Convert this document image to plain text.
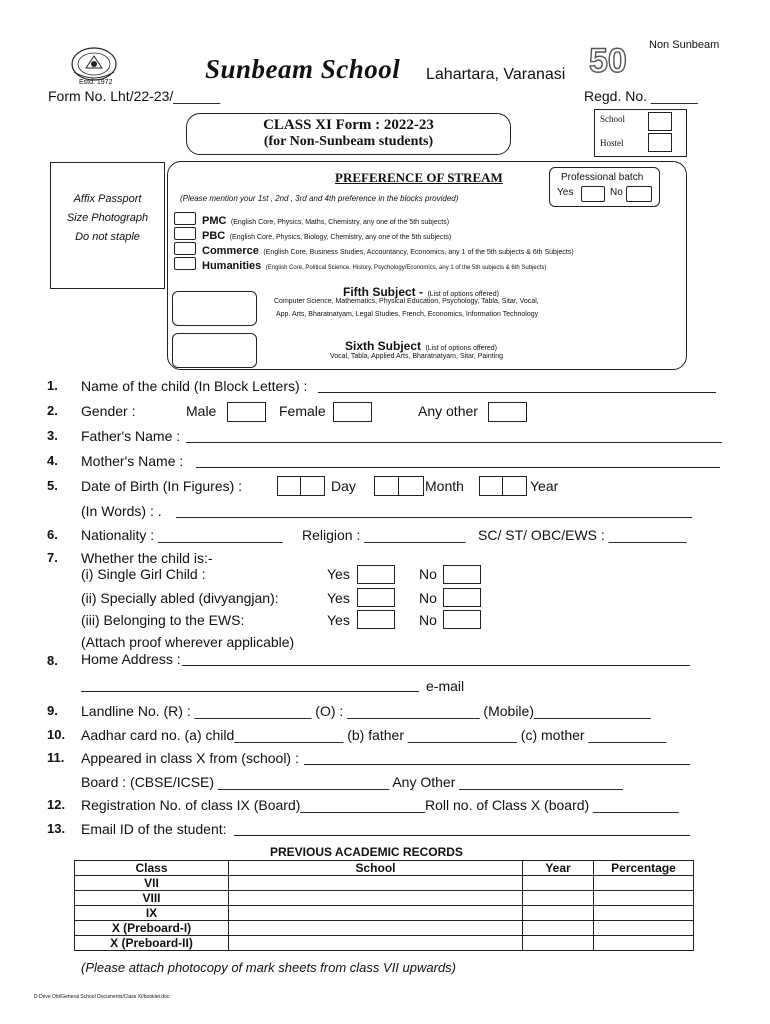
Estd. 1972	Sunbeam School Lahartara, Varanasi 50 Non Sunbeam
Form No. Lht/22-23/______	Regd. No. ______
School
Hostel
CLASS XI Form : 2022-23
(for Non-Sunbeam students)
Affix Passport
Size Photograph
Do not staple
PREFERENCE OF STREAM	Professional batch
Yes	No
(Please mention your 1st , 2nd , 3rd and 4th preference in the blocks provided)
PMC (English Core, Physics, Maths, Chemistry, any one of the 5th subjects)
PBC (English Core, Physics, Biology, Chemistry, any one of the 5th subjects)
Commerce (English Core, Business Studies, Accountancy, Economics, any 1 of the 5th subjects & 6th Subjects)
Humanities (English Core, Political Science, History, Psychology/Economics, any 1 of the 5th subjects & 6th Subjects)
Fifth Subject - (List of options offered)
Computer Science, Mathematics, Physical Education, Psychology, Tabla, Sitar, Vocal,
App. Arts, Bharatnatyam, Legal Studies, French, Economics, Information Technology
Sixth Subject (List of options offered)
Vocal, Tabla, Applied Arts, Bharatnatyam, Sitar, Painting
1. Name of the child (In Block Letters) :
2. Gender :	Male	Female	Any other
3. Father's Name :
4. Mother's Name :
5. Date of Birth (In Figures) :	Day	Month	Year
(In Words) : .
6. Nationality : ________________ Religion : _____________ SC/ ST/ OBC/EWS : __________
7. Whether the child is:-
(i) Single Girl Child :	Yes	No
(ii) Specially abled (divyangjan):	Yes	No
(iii) Belonging to the EWS:	Yes	No
(Attach proof wherever applicable)
8. Home Address :
e-mail
9. Landline No. (R) : _______________ (O) : _________________ (Mobile)_______________
10. Aadhar card no. (a) child______________ (b) father ______________ (c) mother __________
11. Appeared in class X from (school) :
Board : (CBSE/ICSE) ______________________ Any Other _____________________
12. Registration No. of class IX (Board)________________Roll no. of Class X (board) ___________
13. Email ID of the student:
PREVIOUS ACADEMIC RECORDS
Class	School	Year	Percentage
VII			
VIII			
IX			
X (Preboard-I)			
X (Preboard-II)			
(Please attach photocopy of mark sheets from class VII upwards)
D Drive Old/General School Documents/Class XI/booklet.doc
